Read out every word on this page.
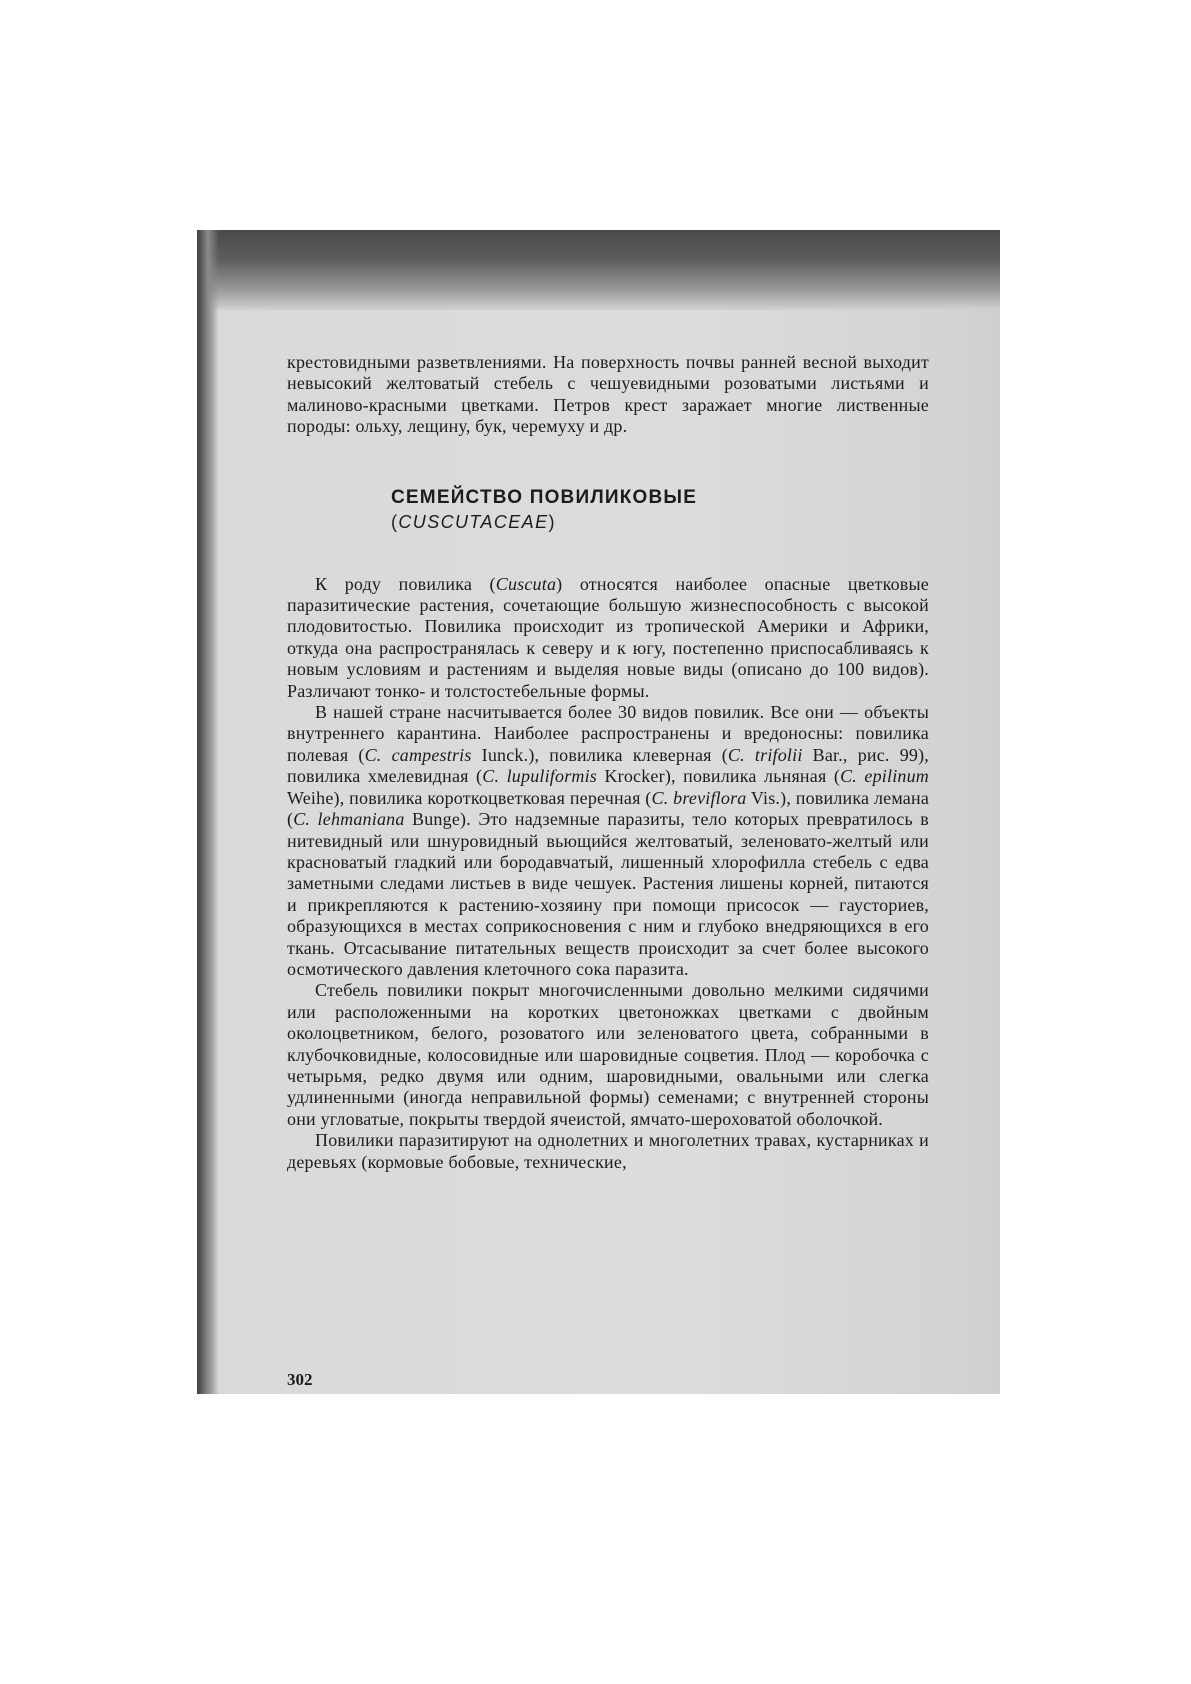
крестовидными разветвлениями. На поверхность почвы ранней весной выходит невысокий желтоватый стебель с чешуевидными розоватыми листьями и малиново-красными цветками. Петров крест заражает многие лиственные породы: ольху, лещину, бук, черемуху и др.

СЕМЕЙСТВО ПОВИЛИКОВЫЕ
(CUSCUTACEAE)

К роду повилика (Cuscuta) относятся наиболее опасные цветковые паразитические растения, сочетающие большую жизнеспособность с высокой плодовитостью. Повилика происходит из тропической Америки и Африки, откуда она распространялась к северу и к югу, постепенно приспосабливаясь к новым условиям и растениям и выделяя новые виды (описано до 100 видов). Различают тонко- и толстостебельные формы.

В нашей стране насчитывается более 30 видов повилик. Все они — объекты внутреннего карантина. Наиболее распространены и вредоносны: повилика полевая (C. campestris Iunck.), повилика клеверная (C. trifolii Bar., рис. 99), повилика хмелевидная (C. lupuliformis Krocker), повилика льняная (C. epilinum Weihe), повилика короткоцветковая перечная (C. breviflora Vis.), повилика лемана (C. lehmaniana Bunge). Это надземные паразиты, тело которых превратилось в нитевидный или шнуровидный вьющийся желтоватый, зеленовато-желтый или красноватый гладкий или бородавчатый, лишенный хлорофилла стебель с едва заметными следами листьев в виде чешуек. Растения лишены корней, питаются и прикрепляются к растению-хозяину при помощи присосок — гаусториев, образующихся в местах соприкосновения с ним и глубоко внедряющихся в его ткань. Отсасывание питательных веществ происходит за счет более высокого осмотического давления клеточного сока паразита.

Стебель повилики покрыт многочисленными довольно мелкими сидячими или расположенными на коротких цветоножках цветками с двойным околоцветником, белого, розоватого или зеленоватого цвета, собранными в клубочковидные, колосовидные или шаровидные соцветия. Плод — коробочка с четырьмя, редко двумя или одним, шаровидными, овальными или слегка удлиненными (иногда неправильной формы) семенами; с внутренней стороны они угловатые, покрыты твердой ячеистой, ямчато-шероховатой оболочкой.

Повилики паразитируют на однолетних и многолетних травах, кустарниках и деревьях (кормовые бобовые, технические,

302
